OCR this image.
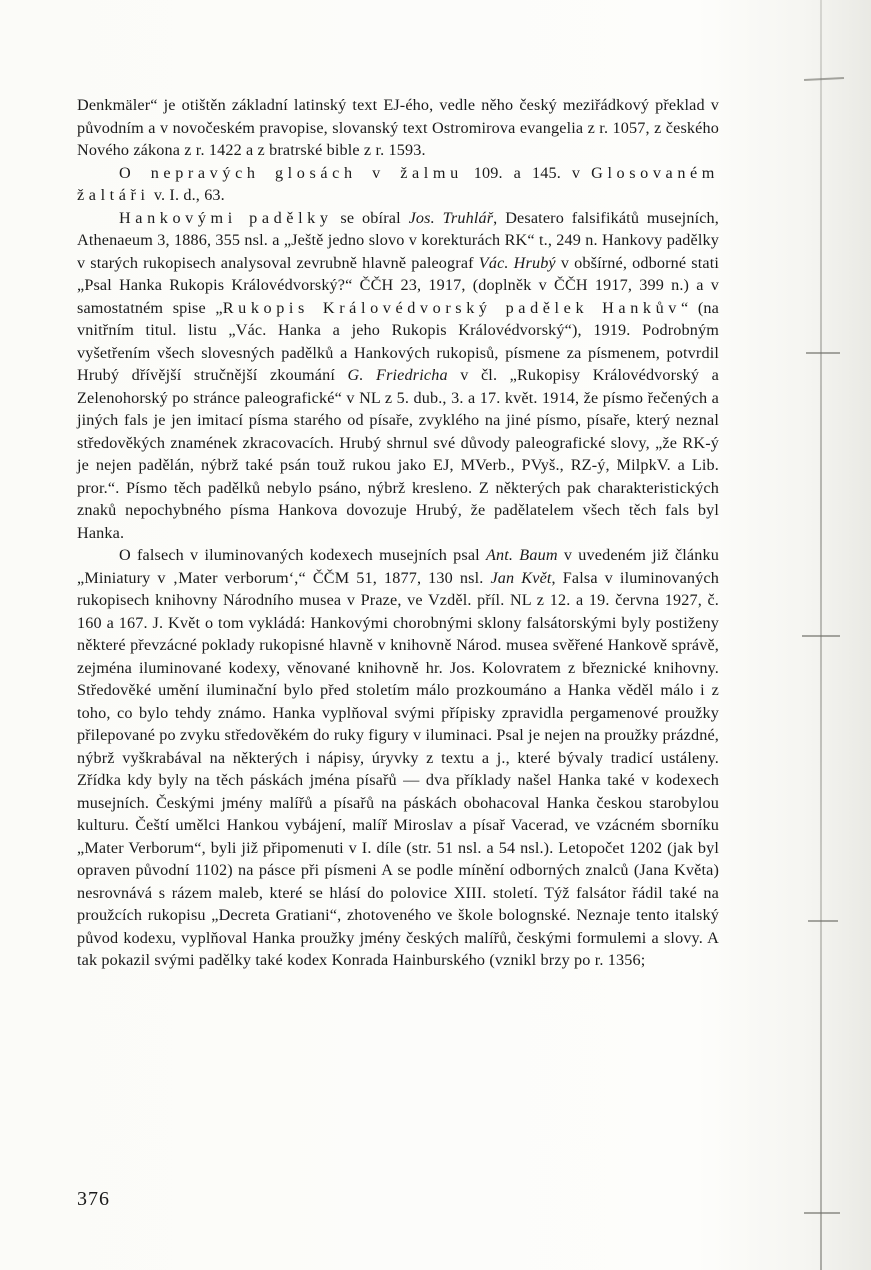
Denkmäler“ je otištěn základní latinský text EJ-ého, vedle něho český meziřádkový překlad v původním a v novočeském pravopise, slovanský text Ostromirova evangelia z r. 1057, z českého Nového zákona z r. 1422 a z bratrské bible z r. 1593.

O nepravých glosách v žalmu 109. a 145. v Glosovaném žaltáři v. I. d., 63.

Hankovými padělky se obíral Jos. Truhlář, Desatero falsifikátů musejních, Athenaeum 3, 1886, 355 nsl. a „Ještě jedno slovo v korekturách RK“ t., 249 n. Hankovy padělky v starých rukopisech analysoval zevrubně hlavně paleograf Vác. Hrubý v obšírné, odborné stati „Psal Hanka Rukopis Královédvorský?“ ČČH 23, 1917, (doplněk v ČČH 1917, 399 n.) a v samostatném spise „Rukopis Královédvorský padělek Hankův“ (na vnitřním titul. listu „Vác. Hanka a jeho Rukopis Královédvorský“), 1919. Podrobným vyšetřením všech slovesných padělků a Hankových rukopisů, písmene za písmenem, potvrdil Hrubý dřívější stručnější zkoumání G. Friedricha v čl. „Rukopisy Královédvorský a Zelenohorský po stránce paleografické“ v NL z 5. dub., 3. a 17. květ. 1914, že písmo řečených a jiných fals je jen imitací písma starého od písaře, zvyklého na jiné písmo, písaře, který neznal středověkých znamének zkracovacích. Hrubý shrnul své důvody paleografické slovy, „že RK-ý je nejen padělán, nýbrž také psán touž rukou jako EJ, MVerb., PVyš., RZ-ý, MilpkV. a Lib. pror.“. Písmo těch padělků nebylo psáno, nýbrž kresleno. Z některých pak charakteristických znaků nepochybného písma Hankova dovozuje Hrubý, že padělatelem všech těch fals byl Hanka.

O falsech v iluminovaných kodexech musejních psal Ant. Baum v uvedeném již článku „Miniatury v ‚Mater verborum‘,“ ČČM 51, 1877, 130 nsl. Jan Květ, Falsa v iluminovaných rukopisech knihovny Národního musea v Praze, ve Vzděl. příl. NL z 12. a 19. června 1927, č. 160 a 167. J. Květ o tom vykládá: Hankovými chorobnými sklony falsátorskými byly postiženy některé převzácné poklady rukopisné hlavně v knihovně Národ. musea svěřené Hankově správě, zejména iluminované kodexy, věnované knihovně hr. Jos. Kolovratem z březnické knihovny. Středověké umění iluminační bylo před stoletím málo prozkoumáno a Hanka věděl málo i z toho, co bylo tehdy známo. Hanka vyplňoval svými přípisky zpravidla pergamenové proužky přilepované po zvyku středověkém do ruky figury v iluminaci. Psal je nejen na proužky prázdné, nýbrž vyškrabával na některých i nápisy, úryvky z textu a j., které bývaly tradicí ustáleny. Zřídka kdy byly na těch páskách jména písařů — dva příklady našel Hanka také v kodexech musejních. Českými jmény malířů a písařů na páskách obohacoval Hanka českou starobylou kulturu. Čeští umělci Hankou vybájení, malíř Miroslav a písař Vacerad, ve vzácném sborníku „Mater Verborum“, byli již připomenuti v I. díle (str. 51 nsl. a 54 nsl.). Letopočet 1202 (jak byl opraven původní 1102) na pásce při písmeni A se podle mínění odborných znalců (Jana Květa) nesrovnává s rázem maleb, které se hlásí do polovice XIII. století. Týž falsátor řádil také na proužcích rukopisu „Decreta Gratiani“, zhotoveného ve škole bolognské. Neznaje tento italský původ kodexu, vyplňoval Hanka proužky jmény českých malířů, českými formulemi a slovy. A tak pokazil svými padělky také kodex Konrada Hainburského (vznikl brzy po r. 1356;

376
